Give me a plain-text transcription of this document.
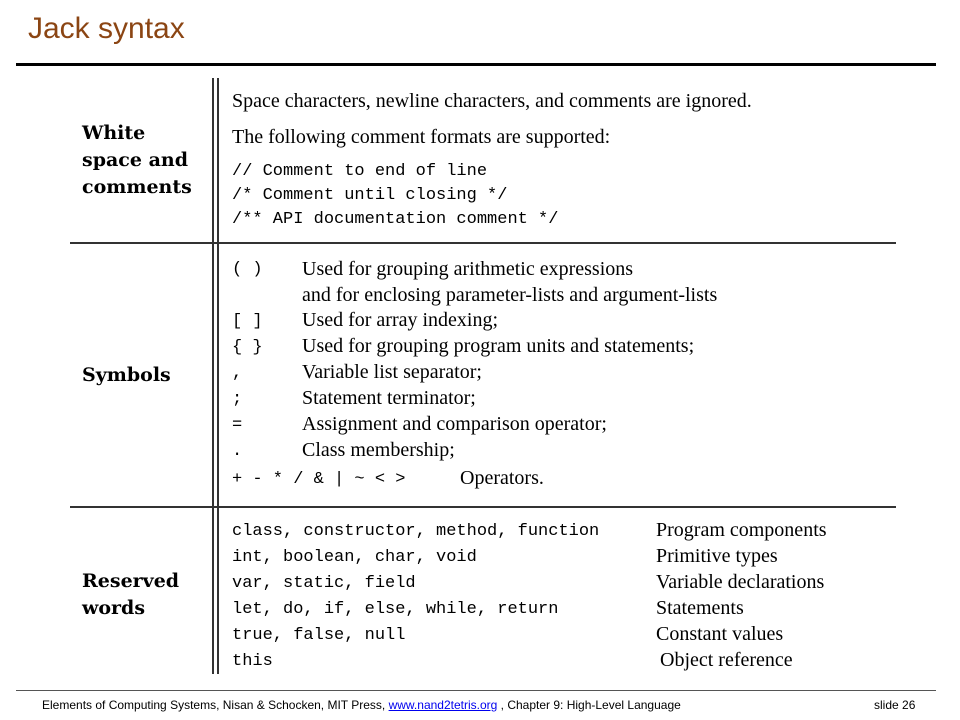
Jack syntax
White
space and
comments
Space characters, newline characters, and comments are ignored.
The following comment formats are supported:
// Comment to end of line
/* Comment until closing */
/** API documentation comment */
Symbols
( ) Used for grouping arithmetic expressions
and for enclosing parameter-lists and argument-lists
[ ] Used for array indexing;
{ } Used for grouping program units and statements;
,	Variable list separator;
;	Statement terminator;
=	Assignment and comparison operator;
.	Class membership;
+ - * / & | ~ < >	Operators.
Reserved
words
class, constructor, method, function	Program components
int, boolean, char, void	Primitive types
var, static, field	Variable declarations
let, do, if, else, while, return	Statements
true, false, null	Constant values
this	Object reference
Elements of Computing Systems, Nisan & Schocken, MIT Press, www.nand2tetris.org , Chapter 9: High-Level Language	slide 26
